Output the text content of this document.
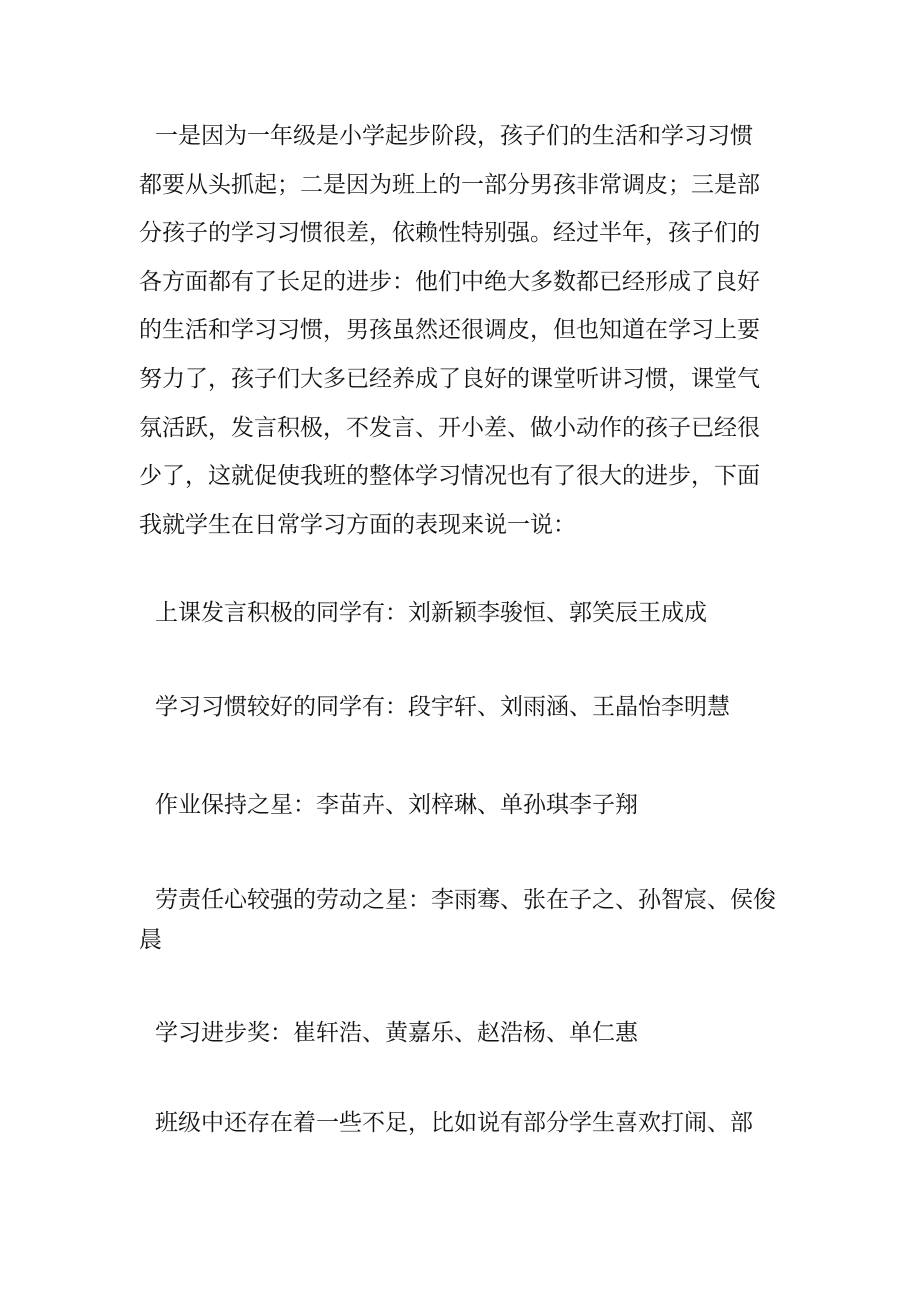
一是因为一年级是小学起步阶段，孩子们的生活和学习习惯
都要从头抓起；二是因为班上的一部分男孩非常调皮；三是部
分孩子的学习习惯很差，依赖性特别强。经过半年，孩子们的
各方面都有了长足的进步：他们中绝大多数都已经形成了良好
的生活和学习习惯，男孩虽然还很调皮，但也知道在学习上要
努力了，孩子们大多已经养成了良好的课堂听讲习惯，课堂气
氛活跃，发言积极，不发言、开小差、做小动作的孩子已经很
少了，这就促使我班的整体学习情况也有了很大的进步，下面
我就学生在日常学习方面的表现来说一说：
上课发言积极的同学有：刘新颖李骏恒、郭笑辰王成成
学习习惯较好的同学有：段宇轩、刘雨涵、王晶怡李明慧
作业保持之星：李苗卉、刘梓琳、单孙琪李子翔
劳责任心较强的劳动之星：李雨骞、张在子之、孙智宸、侯俊
晨
学习进步奖：崔轩浩、黄嘉乐、赵浩杨、单仁惠
班级中还存在着一些不足，比如说有部分学生喜欢打闹、部
